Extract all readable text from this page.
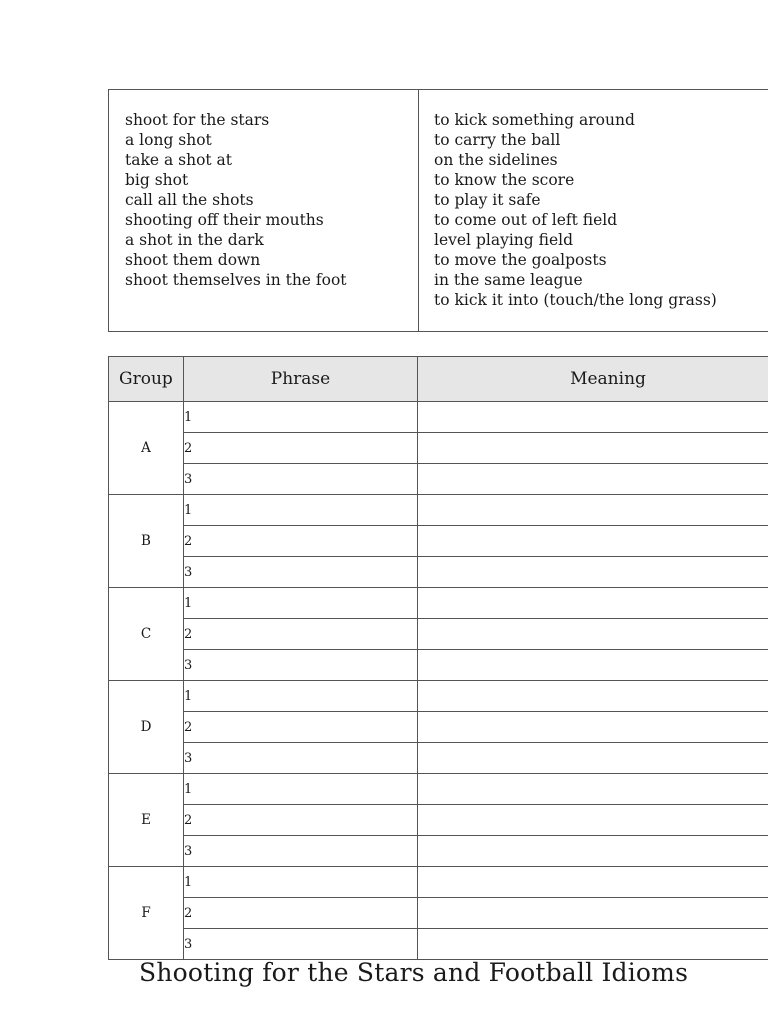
shoot for the stars
a long shot
take a shot at
big shot
call all the shots
shooting off their mouths
a shot in the dark
shoot them down
shoot themselves in the foot
to kick something around
to carry the ball
on the sidelines
to know the score
to play it safe
to come out of left field
level playing field
to move the goalposts
in the same league
to kick it into (touch/the long grass)
Group	Phrase	Meaning
A	1	
	2	
	3	
B	1	
	2	
	3	
C	1	
	2	
	3	
D	1	
	2	
	3	
E	1	
	2	
	3	
F	1	
	2	
	3	
Shooting for the Stars and Football Idioms
